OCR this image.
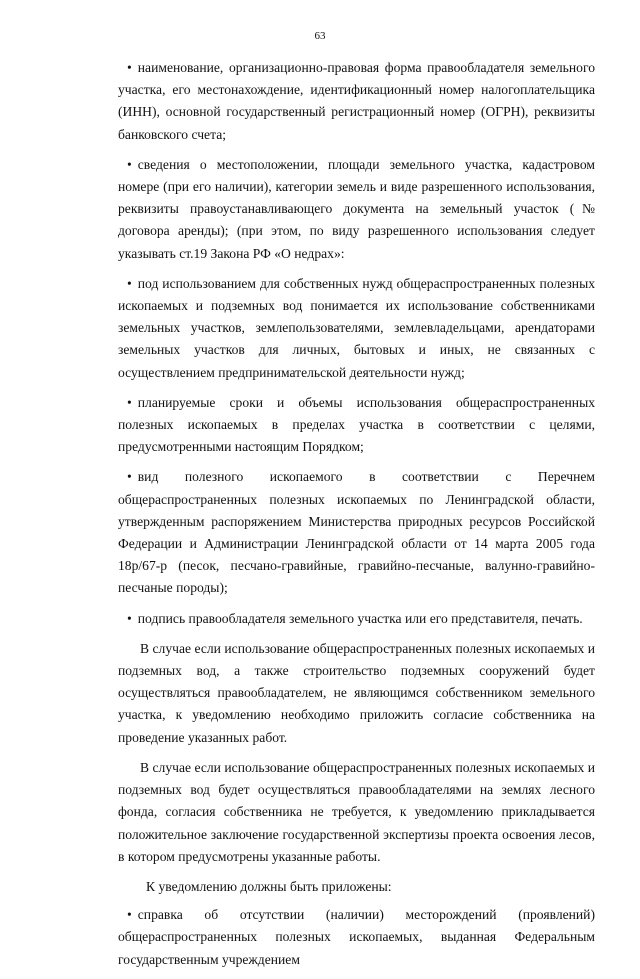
63

• наименование, организационно-правовая форма правообладателя земельного участка, его местонахождение, идентификационный номер налогоплательщика (ИНН), основной государственный регистрационный номер (ОГРН), реквизиты банковского счета;

• сведения о местоположении, площади земельного участка, кадастровом номере (при его наличии), категории земель и виде разрешенного использования, реквизиты правоустанавливающего документа на земельный участок (№ договора аренды); (при этом, по виду разрешенного использования следует указывать ст.19 Закона РФ «О недрах»:

• под использованием для собственных нужд общераспространенных полезных ископаемых и подземных вод понимается их использование собственниками земельных участков, землепользователями, землевладельцами, арендаторами земельных участков для личных, бытовых и иных, не связанных с осуществлением предпринимательской деятельности нужд;

• планируемые сроки и объемы использования общераспространенных полезных ископаемых в пределах участка в соответствии с целями, предусмотренными настоящим Порядком;

• вид полезного ископаемого в соответствии с Перечнем общераспространенных полезных ископаемых по Ленинградской области, утвержденным распоряжением Министерства природных ресурсов Российской Федерации и Администрации Ленинградской области от 14 марта 2005 года 18р/67-р (песок, песчано-гравийные, гравийно-песчаные, валунно-гравийно-песчаные породы);

• подпись правообладателя земельного участка или его представителя, печать.

В случае если использование общераспространенных полезных ископаемых и подземных вод, а также строительство подземных сооружений будет осуществляться правообладателем, не являющимся собственником земельного участка, к уведомлению необходимо приложить согласие собственника на проведение указанных работ.

В случае если использование общераспространенных полезных ископаемых и подземных вод будет осуществляться правообладателями на землях лесного фонда, согласия собственника не требуется, к уведомлению прикладывается положительное заключение государственной экспертизы проекта освоения лесов, в котором предусмотрены указанные работы.

К уведомлению должны быть приложены:

• справка об отсутствии (наличии) месторождений (проявлений) общераспространенных полезных ископаемых, выданная Федеральным государственным учреждением
